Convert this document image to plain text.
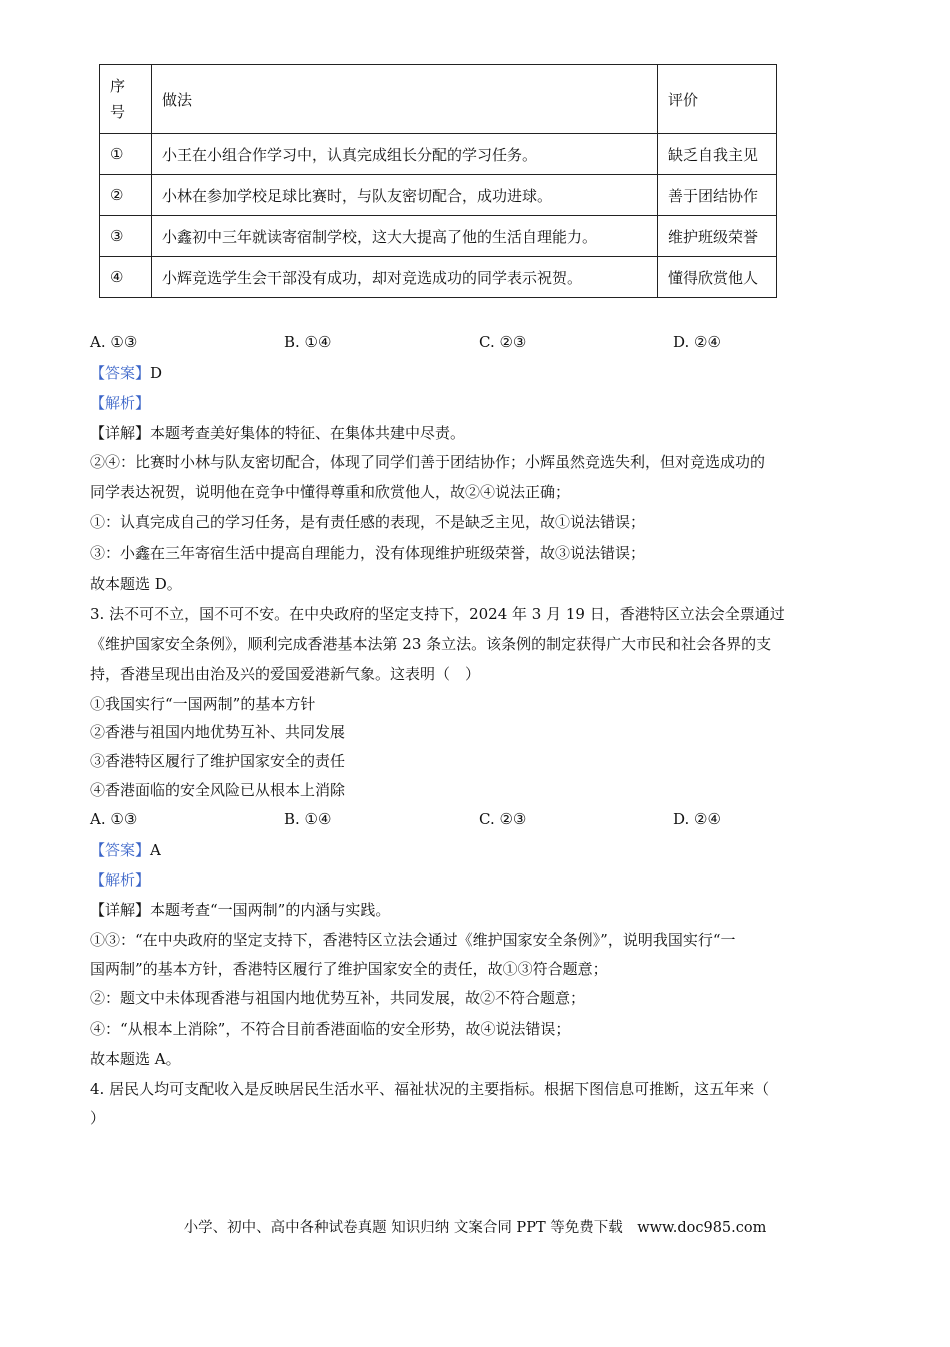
序
号	做法	评价
①	小王在小组合作学习中，认真完成组长分配的学习任务。	缺乏自我主见
②	小林在参加学校足球比赛时，与队友密切配合，成功进球。	善于团结协作
③	小鑫初中三年就读寄宿制学校，这大大提高了他的生活自理能力。	维护班级荣誉
④	小辉竞选学生会干部没有成功，却对竞选成功的同学表示祝贺。	懂得欣赏他人
A. ①③	B. ①④	C. ②③	D. ②④
【答案】D
【解析】
【详解】本题考查美好集体的特征、在集体共建中尽责。
②④：比赛时小林与队友密切配合，体现了同学们善于团结协作；小辉虽然竞选失利，但对竞选成功的
同学表达祝贺，说明他在竞争中懂得尊重和欣赏他人，故②④说法正确；
①：认真完成自己的学习任务，是有责任感的表现，不是缺乏主见，故①说法错误；
③：小鑫在三年寄宿生活中提高自理能力，没有体现维护班级荣誉，故③说法错误；
故本题选 D。
3. 法不可不立，国不可不安。在中央政府的坚定支持下，2024 年 3 月 19 日，香港特区立法会全票通过
《维护国家安全条例》，顺利完成香港基本法第 23 条立法。该条例的制定获得广大市民和社会各界的支
持，香港呈现出由治及兴的爱国爱港新气象。这表明（　）
①我国实行“一国两制”的基本方针
②香港与祖国内地优势互补、共同发展
③香港特区履行了维护国家安全的责任
④香港面临的安全风险已从根本上消除
A. ①③	B. ①④	C. ②③	D. ②④
【答案】A
【解析】
【详解】本题考查“一国两制”的内涵与实践。
①③：“在中央政府的坚定支持下，香港特区立法会通过《维护国家安全条例》”，说明我国实行“一
国两制”的基本方针，香港特区履行了维护国家安全的责任，故①③符合题意；
②：题文中未体现香港与祖国内地优势互补，共同发展，故②不符合题意；
④：“从根本上消除”，不符合目前香港面临的安全形势，故④说法错误；
故本题选 A。
4. 居民人均可支配收入是反映居民生活水平、福祉状况的主要指标。根据下图信息可推断，这五年来（
）
小学、初中、高中各种试卷真题 知识归纳 文案合同 PPT 等免费下载　www.doc985.com
